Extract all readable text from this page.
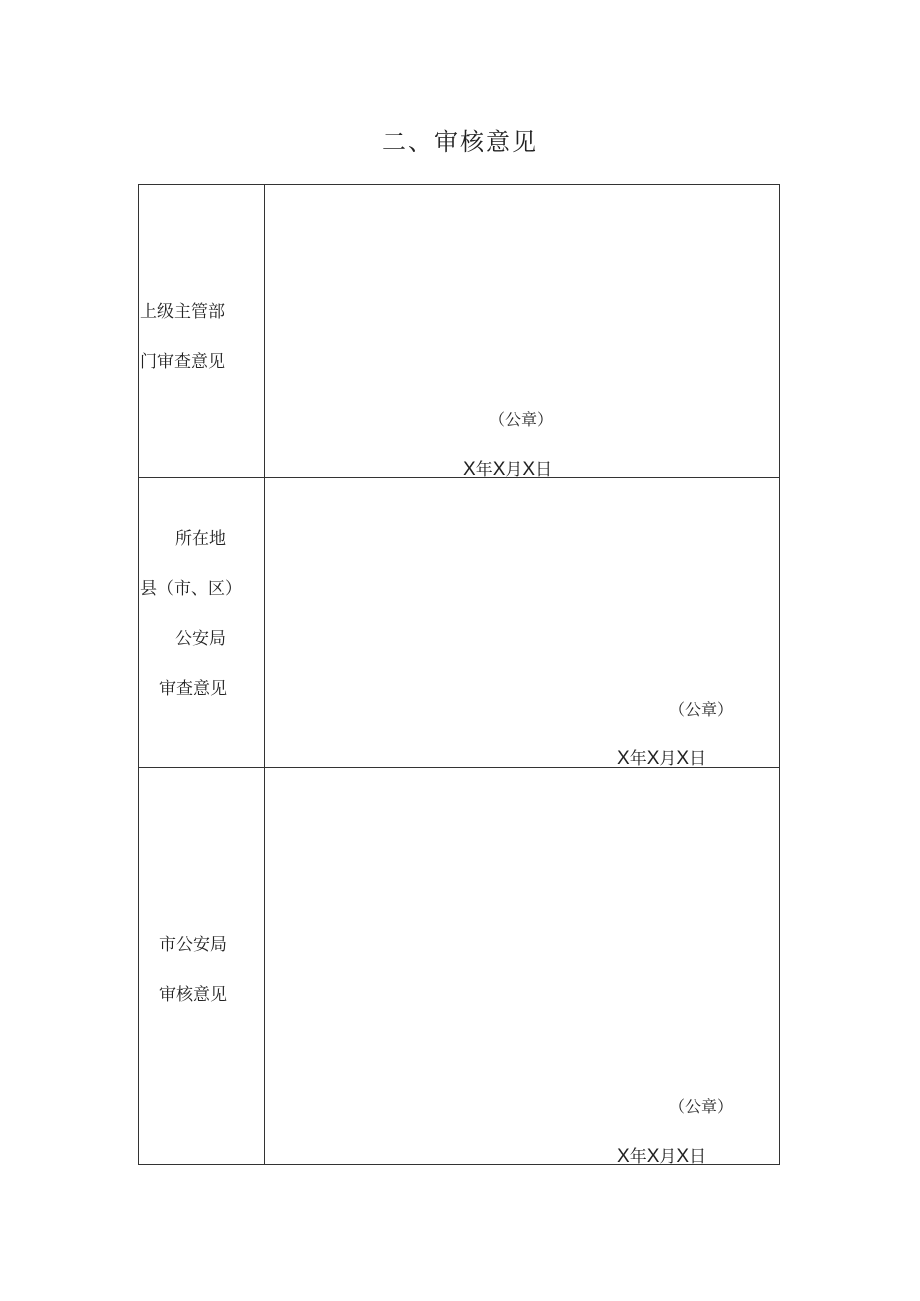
二、审核意见
上级主管部
门审查意见
（公章）
X年X月X日
所在地
县（市、区）
公安局
审查意见
（公章）
X年X月X日
市公安局
审核意见
（公章）
X年X月X日
